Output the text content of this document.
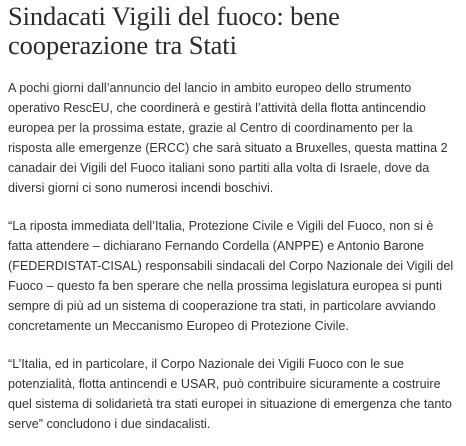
Sindacati Vigili del fuoco: bene cooperazione tra Stati

A pochi giorni dall’annuncio del lancio in ambito europeo dello strumento operativo RescEU, che coordinerà e gestirà l’attività della flotta antincendio europea per la prossima estate, grazie al Centro di coordinamento per la risposta alle emergenze (ERCC) che sarà situato a Bruxelles, questa mattina 2 canadair dei Vigili del Fuoco italiani sono partiti alla volta di Israele, dove da diversi giorni ci sono numerosi incendi boschivi.

“La riposta immediata dell’Italia, Protezione Civile e Vigili del Fuoco, non si è fatta attendere – dichiarano Fernando Cordella (ANPPE) e Antonio Barone (FEDERDISTAT-CISAL) responsabili sindacali del Corpo Nazionale dei Vigili del Fuoco – questo fa ben sperare che nella prossima legislatura europea si punti sempre di più ad un sistema di cooperazione tra stati, in particolare avviando concretamente un Meccanismo Europeo di Protezione Civile.

“L’Italia, ed in particolare, il Corpo Nazionale dei Vigili Fuoco con le sue potenzialità, flotta antincendi e USAR, può contribuire sicuramente a costruire quel sistema di solidarietà tra stati europei in situazione di emergenza che tanto serve” concludono i due sindacalisti.
